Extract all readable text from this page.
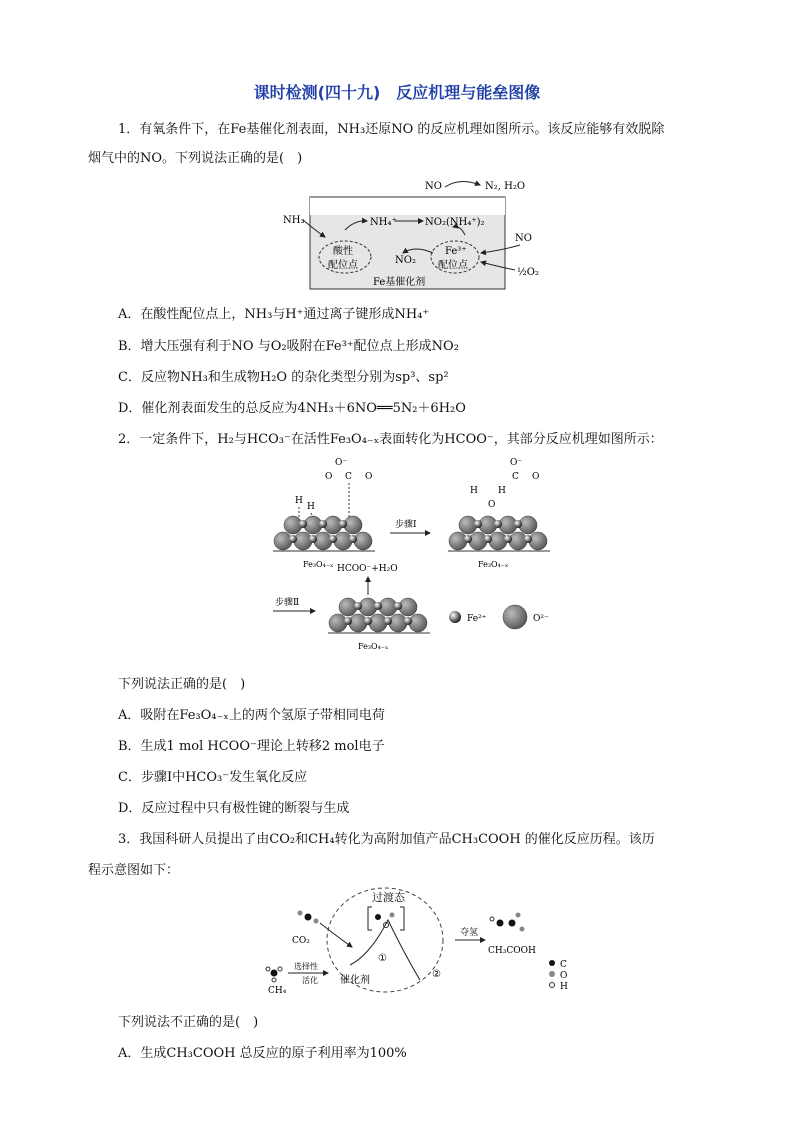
课时检测(四十九)　反应机理与能垒图像
1．有氧条件下，在Fe基催化剂表面，NH₃还原NO 的反应机理如图所示。该反应能够有效脱除
烟气中的NO。下列说法正确的是(　)
NO	N₂, H₂O
NH₃	NH₄⁺	NO₂(NH₄⁺)₂
酸性
配位点	NO₂
Fe³⁺
配位点
NO
½O₂
Fe基催化剂
A．在酸性配位点上，NH₃与H⁺通过离子键形成NH₄⁺
B．增大压强有利于NO 与O₂吸附在Fe³⁺配位点上形成NO₂
C．反应物NH₃和生成物H₂O 的杂化类型分别为sp³、sp²
D．催化剂表面发生的总反应为4NH₃＋6NO══5N₂＋6H₂O
2．一定条件下，H₂与HCO₃⁻在活性Fe₃O₄₋ₓ表面转化为HCOO⁻，其部分反应机理如图所示：
H
H
O⁻
O C O
Fe₃O₄₋ₓ
步骤Ⅰ
H
O
H
O⁻
C O
Fe₃O₄₋ₓ
步骤Ⅱ
Fe₃O₄₋ₓ
HCOO⁻+H₂O
Fe²⁺	O²⁻
下列说法正确的是(　)
A．吸附在Fe₃O₄₋ₓ上的两个氢原子带相同电荷
B．生成1 mol HCOO⁻理论上转移2 mol电子
C．步骤Ⅰ中HCO₃⁻发生氧化反应
D．反应过程中只有极性键的断裂与生成
3．我国科研人员提出了由CO₂和CH₄转化为高附加值产品CH₃COOH 的催化反应历程。该历
程示意图如下：
过渡态
①
②
催化剂
CO₂
CH₄
选择性
活化
夺氢
CH₃COOH
C
O
H
下列说法不正确的是(　)
A．生成CH₃COOH 总反应的原子利用率为100%
